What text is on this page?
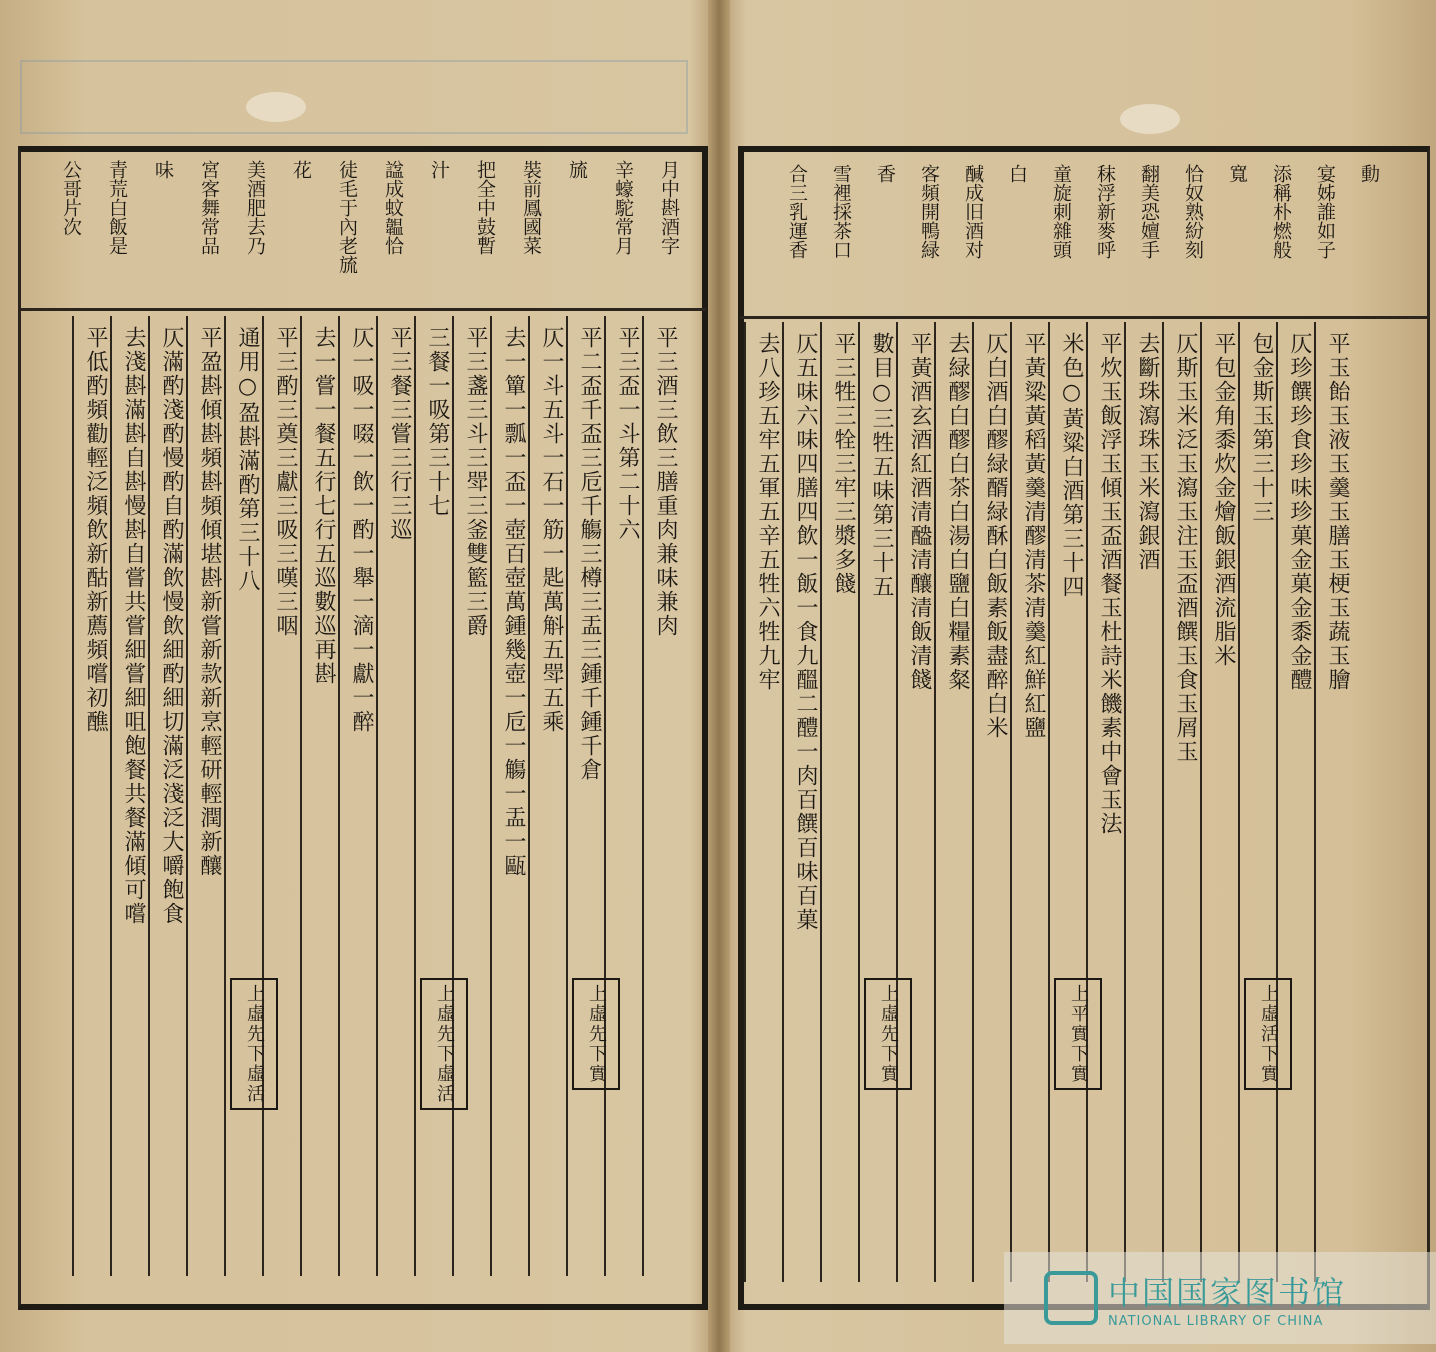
月中斟酒字
辛蠔駝常月
旈
裝前鳳國菜
把全中鼓暫
汁
諡成蚊韞恰
徒毛于內老旈
花
美酒肥去乃
宮客舞常品
味
青荒白飯是
公哥片次
平三酒三飲三膳重肉兼味兼肉
平三盃一斗第二十六
平二盃千盃三卮千觴三樽三盂三鍾千鍾千倉
上虛先下實
仄一斗五斗一石一筋一匙萬斛五斝五乘
去一簞一瓢一盃一壺百壺萬鍾幾壺一卮一觴一盂一甌
平三盞三斗三斝三釜雙籃三爵
三餐一吸第三十七
上虛先下虛活
平三餐三嘗三行三巡
仄一吸一啜一飲一酌一舉一滴一獻一醉
去一嘗一餐五行七行五巡數巡再斟
平三酌三奠三獻三吸三嘆三咽
通用○盈斟滿酌第三十八
上虛先下虛活
平盈斟傾斟頻斟頻傾堪斟新嘗新款新烹輕研輕潤新釀
仄滿酌淺酌慢酌自酌滿飲慢飲細酌細切滿泛淺泛大嚼飽食
去淺斟滿斟自斟慢斟自嘗共嘗細嘗細咀飽餐共餐滿傾可嚐
平低酌頻勸輕泛頻飲新酤新薦頻嚐初醮
動
宴姊誰如子
添稱朴燃般
寬
恰奴熟紛刻
翻美恐嬗手
秣浮新麥呼
童旋刺雜頭
白
醎成旧酒对
客頻開鴨緑
香
雪裡採茶口
合三乳運香
平玉飴玉液玉羹玉膳玉梗玉蔬玉膾
仄珍饌珍食珍味珍菓金菓金黍金醴
包金斯玉第三十三
上虛活下實
平包金角黍炊金燴飯銀酒流脂米
仄斯玉米泛玉瀉玉注玉盃酒饌玉食玉屑玉
去斷珠瀉珠玉米瀉銀酒
平炊玉飯浮玉傾玉盃酒餐玉杜詩米饑素中會玉法
米色○黃粱白酒第三十四
上平實下實
平黃粱黃稻黃羹清醪清茶清羹紅鮮紅鹽
仄白酒白醪緑醑緑酥白飯素飯盡醉白米
去緑醪白醪白茶白湯白鹽白糧素粲
平黃酒玄酒紅酒清醠清釀清飯清餞
數目○三牲五味第三十五
上虛先下實
平三牲三牷三牢三漿多餞
仄五味六味四膳四飲一飯一食九醞二醴一肉百饌百味百菓
去八珍五牢五軍五辛五牲六牲九牢
中国国家图书馆
NATIONAL LIBRARY OF CHINA
